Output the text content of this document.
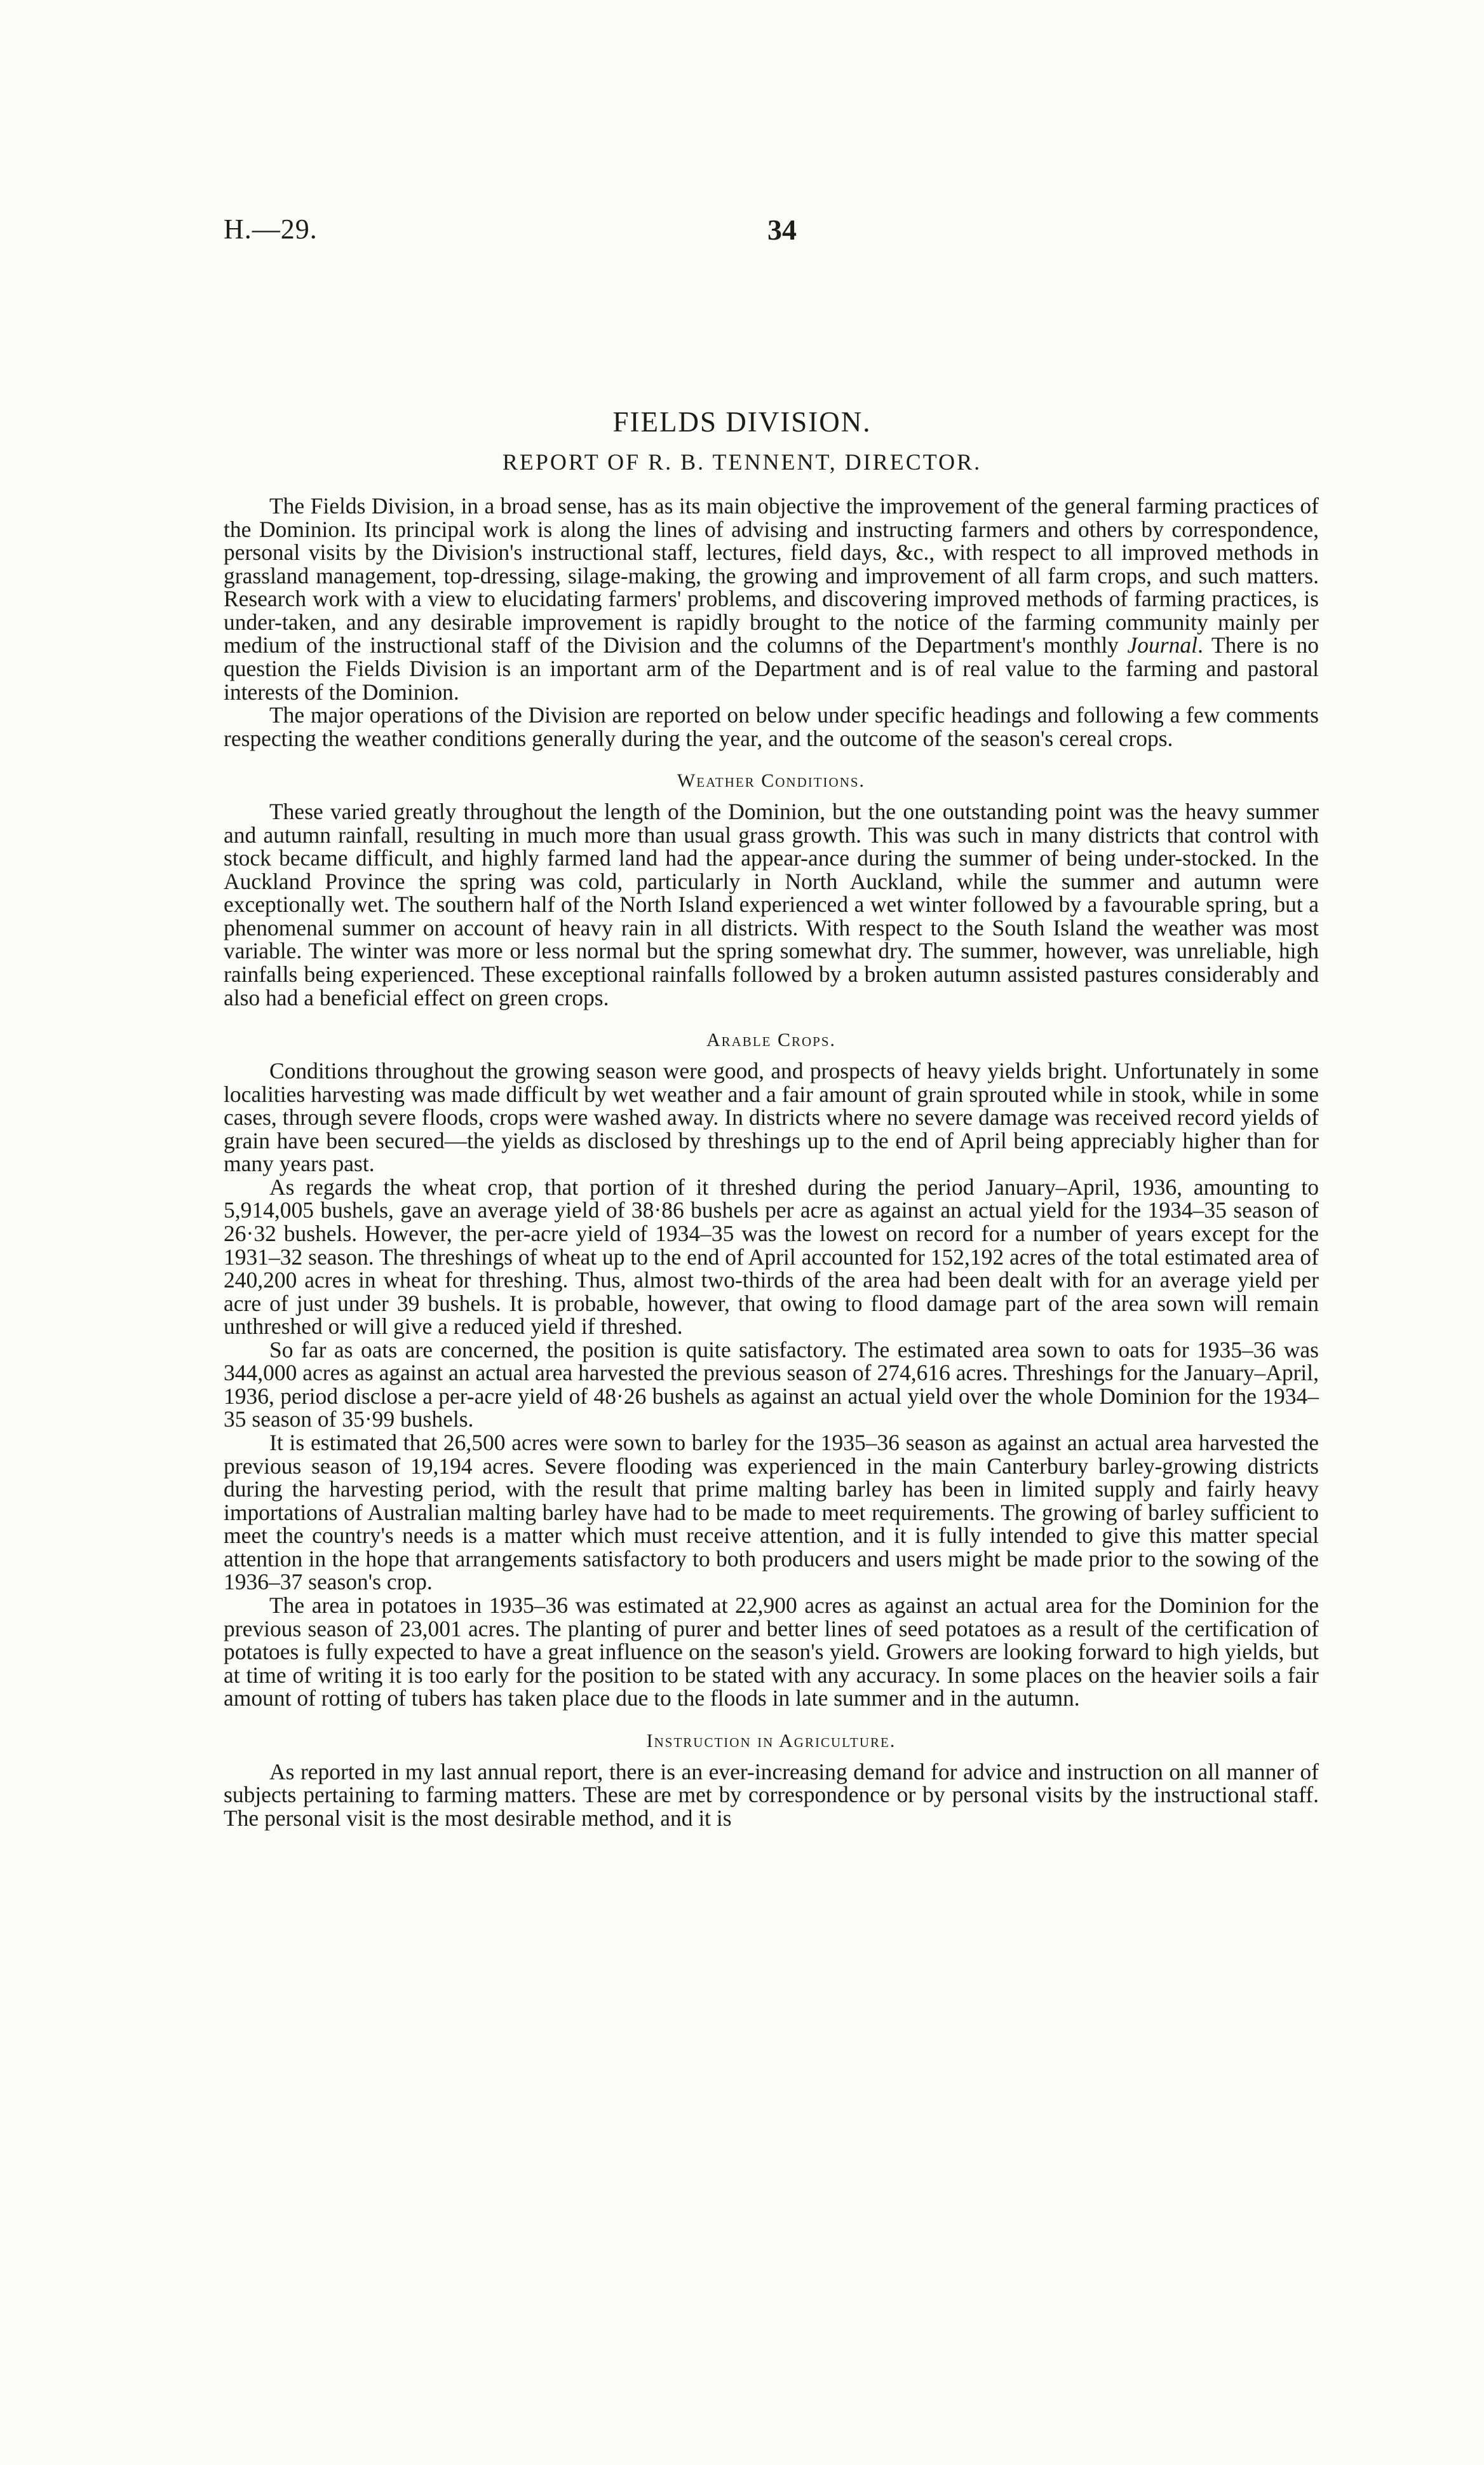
H.—29.	34
FIELDS DIVISION.
REPORT OF R. B. TENNENT, DIRECTOR.

The Fields Division, in a broad sense, has as its main objective the improvement of the general farming practices of the Dominion. Its principal work is along the lines of advising and instructing farmers and others by correspondence, personal visits by the Division's instructional staff, lectures, field days, &c., with respect to all improved methods in grassland management, top-dressing, silage-making, the growing and improvement of all farm crops, and such matters. Research work with a view to elucidating farmers' problems, and discovering improved methods of farming practices, is under-taken, and any desirable improvement is rapidly brought to the notice of the farming community mainly per medium of the instructional staff of the Division and the columns of the Department's monthly Journal. There is no question the Fields Division is an important arm of the Department and is of real value to the farming and pastoral interests of the Dominion.

The major operations of the Division are reported on below under specific headings and following a few comments respecting the weather conditions generally during the year, and the outcome of the season's cereal crops.

Weather Conditions.

These varied greatly throughout the length of the Dominion, but the one outstanding point was the heavy summer and autumn rainfall, resulting in much more than usual grass growth. This was such in many districts that control with stock became difficult, and highly farmed land had the appear-ance during the summer of being under-stocked. In the Auckland Province the spring was cold, particularly in North Auckland, while the summer and autumn were exceptionally wet. The southern half of the North Island experienced a wet winter followed by a favourable spring, but a phenomenal summer on account of heavy rain in all districts. With respect to the South Island the weather was most variable. The winter was more or less normal but the spring somewhat dry. The summer, however, was unreliable, high rainfalls being experienced. These exceptional rainfalls followed by a broken autumn assisted pastures considerably and also had a beneficial effect on green crops.

Arable Crops.

Conditions throughout the growing season were good, and prospects of heavy yields bright. Unfortunately in some localities harvesting was made difficult by wet weather and a fair amount of grain sprouted while in stook, while in some cases, through severe floods, crops were washed away. In districts where no severe damage was received record yields of grain have been secured—the yields as disclosed by threshings up to the end of April being appreciably higher than for many years past.

As regards the wheat crop, that portion of it threshed during the period January–April, 1936, amounting to 5,914,005 bushels, gave an average yield of 38·86 bushels per acre as against an actual yield for the 1934–35 season of 26·32 bushels. However, the per-acre yield of 1934–35 was the lowest on record for a number of years except for the 1931–32 season. The threshings of wheat up to the end of April accounted for 152,192 acres of the total estimated area of 240,200 acres in wheat for threshing. Thus, almost two-thirds of the area had been dealt with for an average yield per acre of just under 39 bushels. It is probable, however, that owing to flood damage part of the area sown will remain unthreshed or will give a reduced yield if threshed.

So far as oats are concerned, the position is quite satisfactory. The estimated area sown to oats for 1935–36 was 344,000 acres as against an actual area harvested the previous season of 274,616 acres. Threshings for the January–April, 1936, period disclose a per-acre yield of 48·26 bushels as against an actual yield over the whole Dominion for the 1934–35 season of 35·99 bushels.

It is estimated that 26,500 acres were sown to barley for the 1935–36 season as against an actual area harvested the previous season of 19,194 acres. Severe flooding was experienced in the main Canterbury barley-growing districts during the harvesting period, with the result that prime malting barley has been in limited supply and fairly heavy importations of Australian malting barley have had to be made to meet requirements. The growing of barley sufficient to meet the country's needs is a matter which must receive attention, and it is fully intended to give this matter special attention in the hope that arrangements satisfactory to both producers and users might be made prior to the sowing of the 1936–37 season's crop.

The area in potatoes in 1935–36 was estimated at 22,900 acres as against an actual area for the Dominion for the previous season of 23,001 acres. The planting of purer and better lines of seed potatoes as a result of the certification of potatoes is fully expected to have a great influence on the season's yield. Growers are looking forward to high yields, but at time of writing it is too early for the position to be stated with any accuracy. In some places on the heavier soils a fair amount of rotting of tubers has taken place due to the floods in late summer and in the autumn.

Instruction in Agriculture.

As reported in my last annual report, there is an ever-increasing demand for advice and instruction on all manner of subjects pertaining to farming matters. These are met by correspondence or by personal visits by the instructional staff. The personal visit is the most desirable method, and it is
